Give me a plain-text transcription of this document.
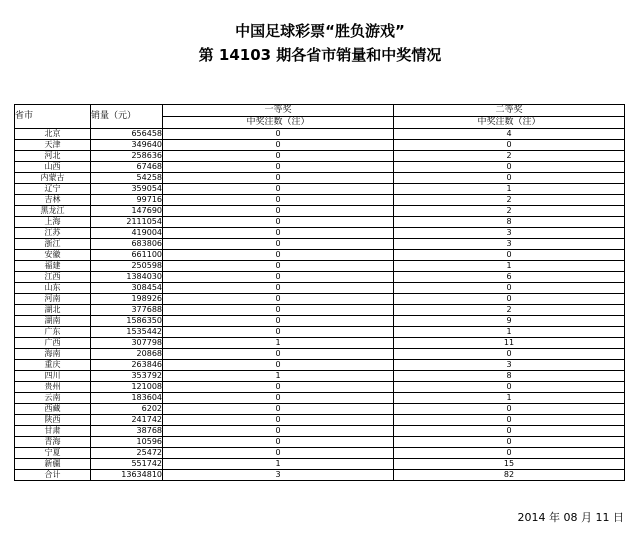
中国足球彩票“胜负游戏”
第 14103 期各省市销量和中奖情况
省市	销量（元）	一等奖	二等奖
		中奖注数（注）	中奖注数（注）
北京	656458	0	4
天津	349640	0	0
河北	258636	0	2
山西	67468	0	0
内蒙古	54258	0	0
辽宁	359054	0	1
吉林	99716	0	2
黑龙江	147690	0	2
上海	2111054	0	8
江苏	419004	0	3
浙江	683806	0	3
安徽	661100	0	0
福建	250598	0	1
江西	1384030	0	6
山东	308454	0	0
河南	198926	0	0
湖北	377688	0	2
湖南	1586350	0	9
广东	1535442	0	1
广西	307798	1	11
海南	20868	0	0
重庆	263846	0	3
四川	353792	1	8
贵州	121008	0	0
云南	183604	0	1
西藏	6202	0	0
陕西	241742	0	0
甘肃	38768	0	0
青海	10596	0	0
宁夏	25472	0	0
新疆	551742	1	15
合计	13634810	3	82
2014 年 08 月 11 日
